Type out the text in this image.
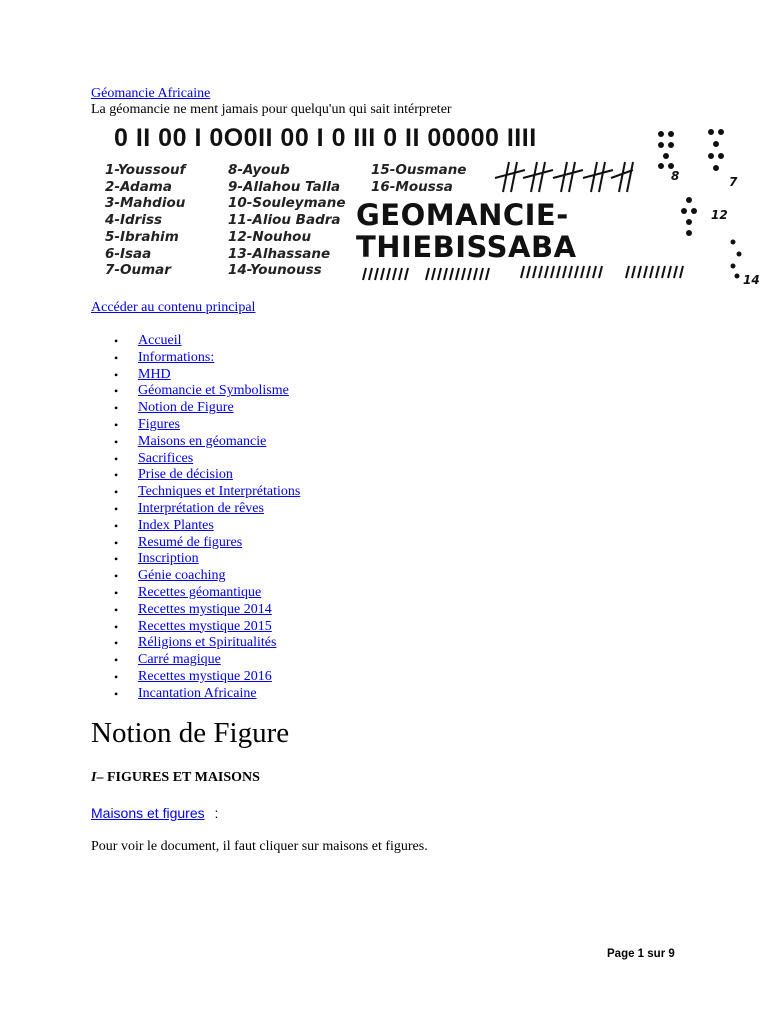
Géomancie Africaine
La géomancie ne ment jamais pour quelqu'un qui sait intérpreter
0 II 00 I 0O0II 00 I 0 III 0 II 00000 IIII
1-Youssouf
2-Adama
3-Mahdiou
4-Idriss
5-Ibrahim
6-Isaa
7-Oumar
8-Ayoub
9-Allahou Talla
10-Souleymane
11-Aliou Badra
12-Nouhou
13-Alhassane
14-Younouss
15-Ousmane
16-Moussa
GEOMANCIE-
THIEBISSABA
8	7
12
14
Accéder au contenu principal
• Accueil
• Informations:
• MHD
• Géomancie et Symbolisme
• Notion de Figure
• Figures
• Maisons en géomancie
• Sacrifices
• Prise de décision
• Techniques et Interprétations
• Interprétation de rêves
• Index Plantes
• Resumé de figures
• Inscription
• Génie coaching
• Recettes géomantique
• Recettes mystique 2014
• Recettes mystique 2015
• Réligions et Spiritualités
• Carré magique
• Recettes mystique 2016
• Incantation Africaine
Notion de Figure
I– FIGURES ET MAISONS
Maisons et figures :
Pour voir le document, il faut cliquer sur maisons et figures.
Page 1 sur 9
